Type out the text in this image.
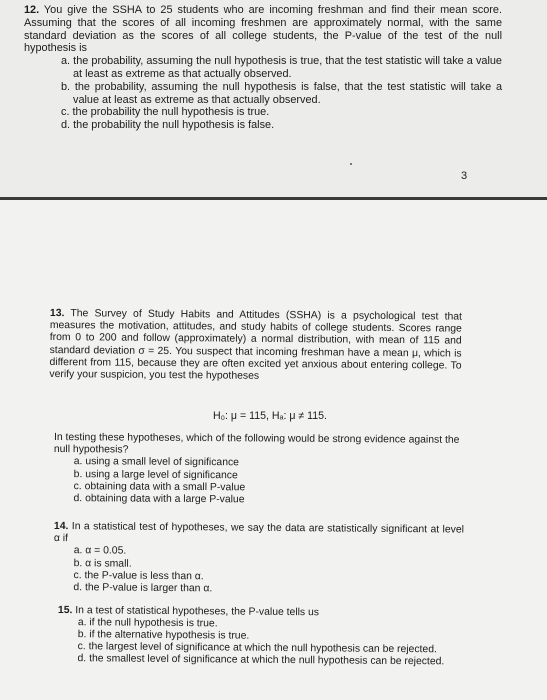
12. You give the SSHA to 25 students who are incoming freshman and find their mean score. Assuming that the scores of all incoming freshmen are approximately normal, with the same standard deviation as the scores of all college students, the P-value of the test of the null hypothesis is

a. the probability, assuming the null hypothesis is true, that the test statistic will take a value at least as extreme as that actually observed.
b. the probability, assuming the null hypothesis is false, that the test statistic will take a value at least as extreme as that actually observed.
c. the probability the null hypothesis is true.
d. the probability the null hypothesis is false.
3

13. The Survey of Study Habits and Attitudes (SSHA) is a psychological test that measures the motivation, attitudes, and study habits of college students. Scores range from 0 to 200 and follow (approximately) a normal distribution, with mean of 115 and standard deviation σ = 25. You suspect that incoming freshman have a mean μ, which is different from 115, because they are often excited yet anxious about entering college. To verify your suspicion, you test the hypotheses

H₀: μ = 115, Hₐ: μ ≠ 115.

In testing these hypotheses, which of the following would be strong evidence against the null hypothesis?

a. using a small level of significance
b. using a large level of significance
c. obtaining data with a small P-value
d. obtaining data with a large P-value

14. In a statistical test of hypotheses, we say the data are statistically significant at level α if

a. α = 0.05.
b. α is small.
c. the P-value is less than α.
d. the P-value is larger than α.

15. In a test of statistical hypotheses, the P-value tells us

a. if the null hypothesis is true.
b. if the alternative hypothesis is true.
c. the largest level of significance at which the null hypothesis can be rejected.
d. the smallest level of significance at which the null hypothesis can be rejected.
